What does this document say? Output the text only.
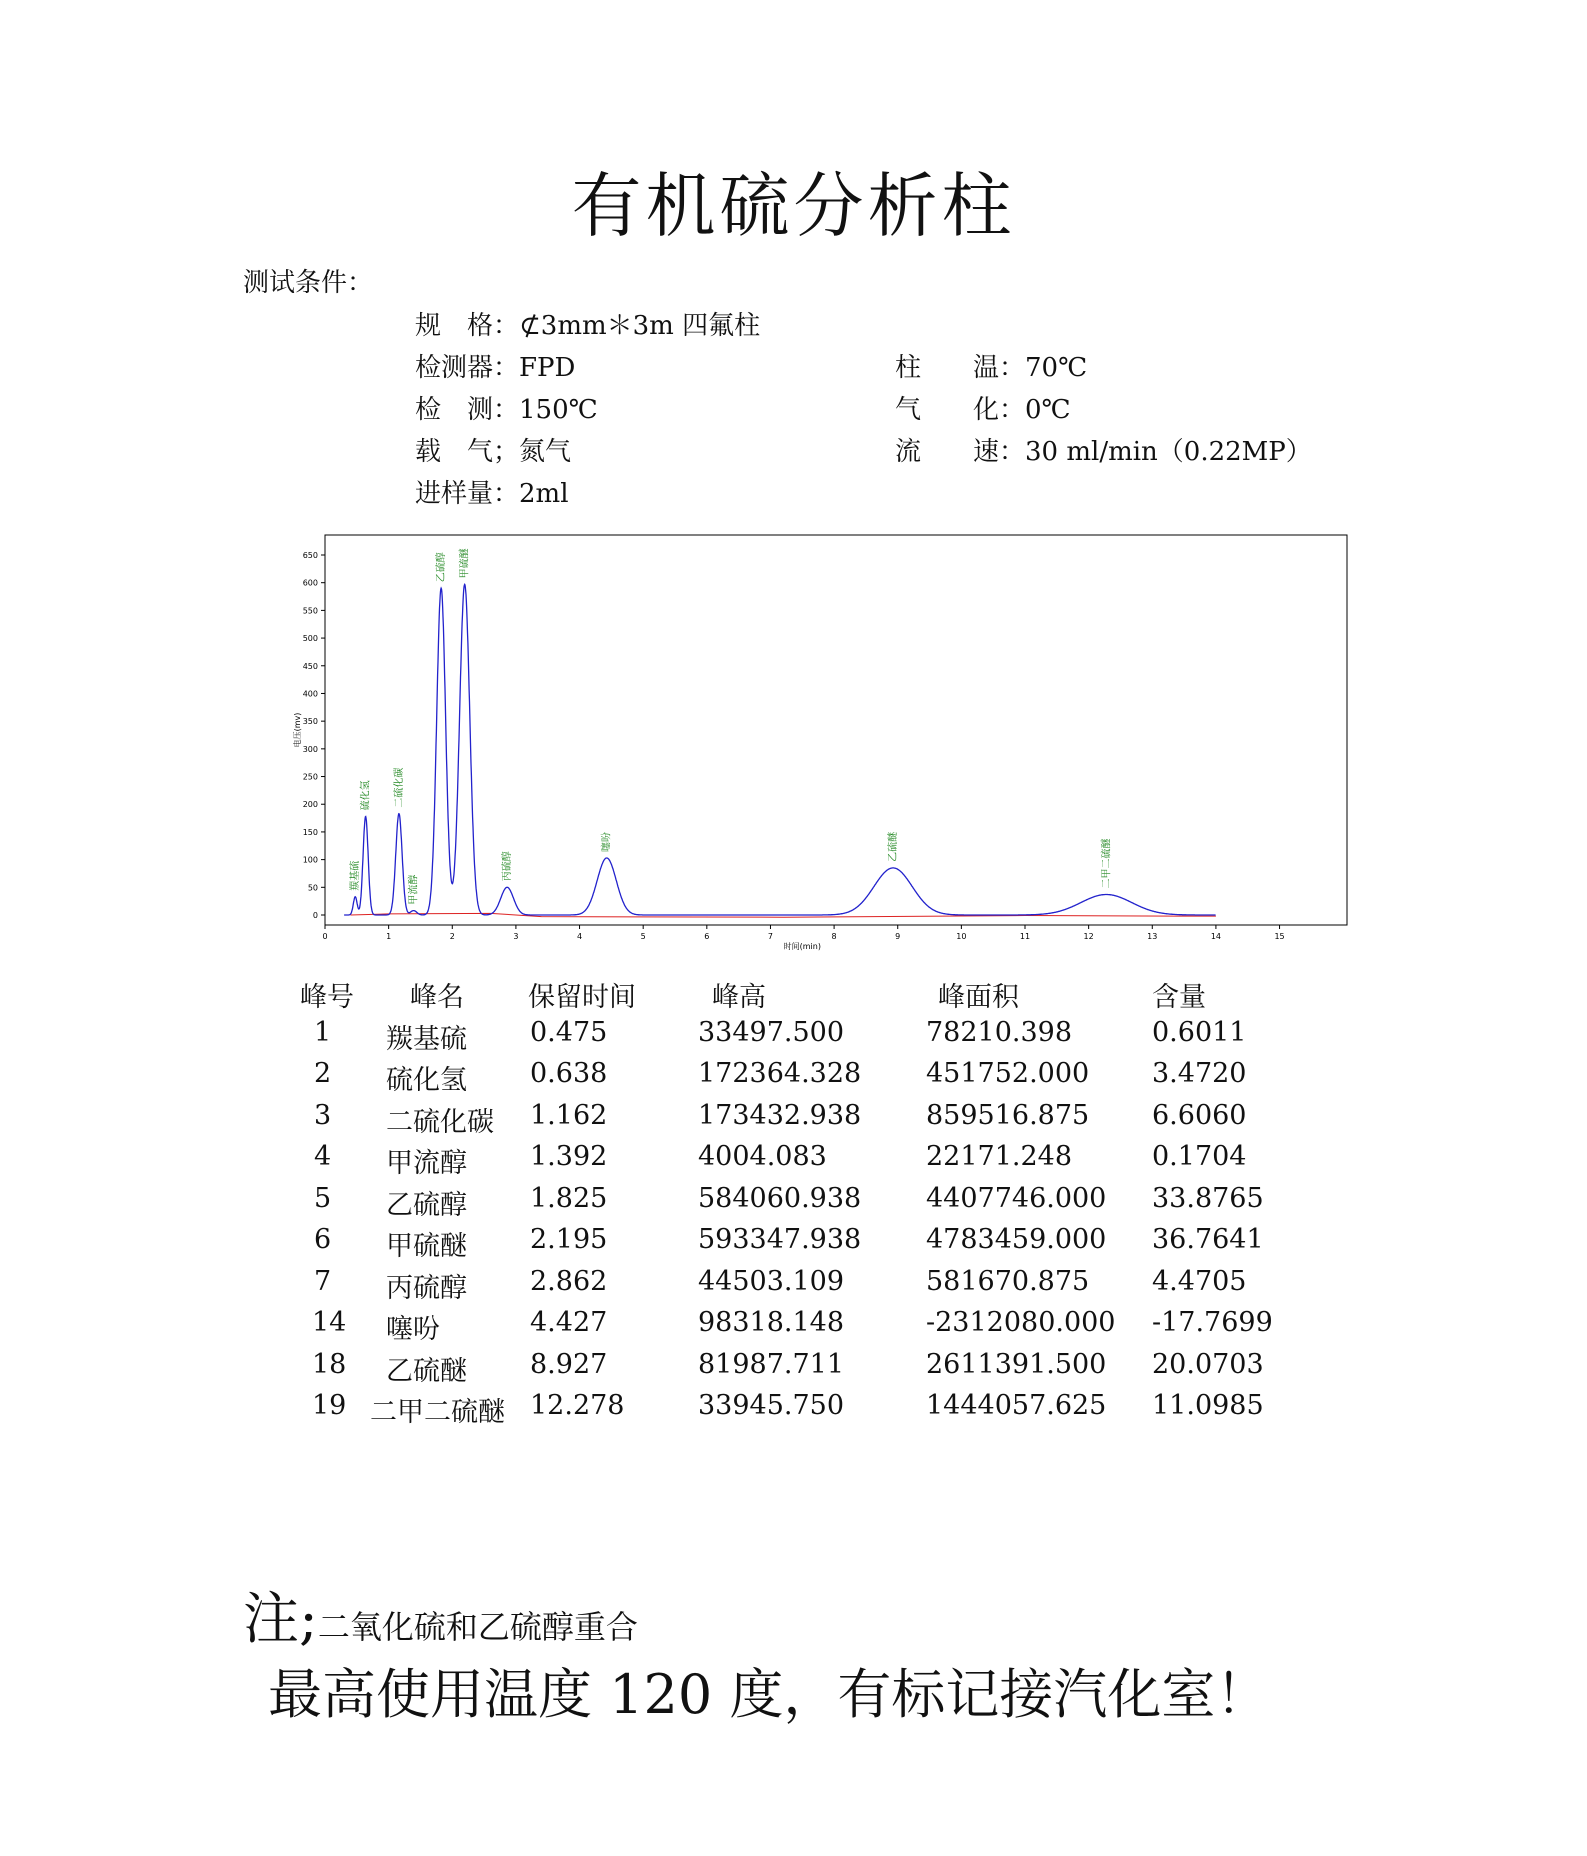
有机硫分析柱
测试条件：
规　格：⊄3mm＊3m 四氟柱
检测器：FPD	柱　　温：70℃
检　测：150℃	气　　化：0℃
载　气；氮气	流　　速：30 ml/min（0.22MP）
进样量：2ml
0
50
100
150
200
250
300
350
400
450
500
550
600
650
0	1	2	3	4	5	6	7	8	9	10	11	12	13	14	15
时间(min)
电压(mv)
羰基硫
硫化氢 二硫化碳
甲流醇
乙硫醇 甲硫醚
丙硫醇
噻吩	乙硫醚	二甲二硫醚
峰号 峰名 保留时间	峰高	峰面积	含量
1 羰基硫 0.475	33497.500	78210.398	0.6011
2 硫化氢 0.638	172364.328 451752.000 3.4720
3 二硫化碳 1.162	173432.938 859516.875 6.6060
4 甲流醇 1.392	4004.083	22171.248	0.1704
5 乙硫醇 1.825	584060.938 4407746.000 33.8765
6 甲硫醚 2.195	593347.938 4783459.000 36.7641
7 丙硫醇 2.862	44503.109	581670.875 4.4705
14 噻吩	4.427	98318.148	-2312080.000 -17.7699
18 乙硫醚 8.927	81987.711	2611391.500 20.0703
19 二甲二硫醚 12.278	33945.750	1444057.625 11.0985
注;二氧化硫和乙硫醇重合
最高使用温度 120 度，有标记接汽化室！
